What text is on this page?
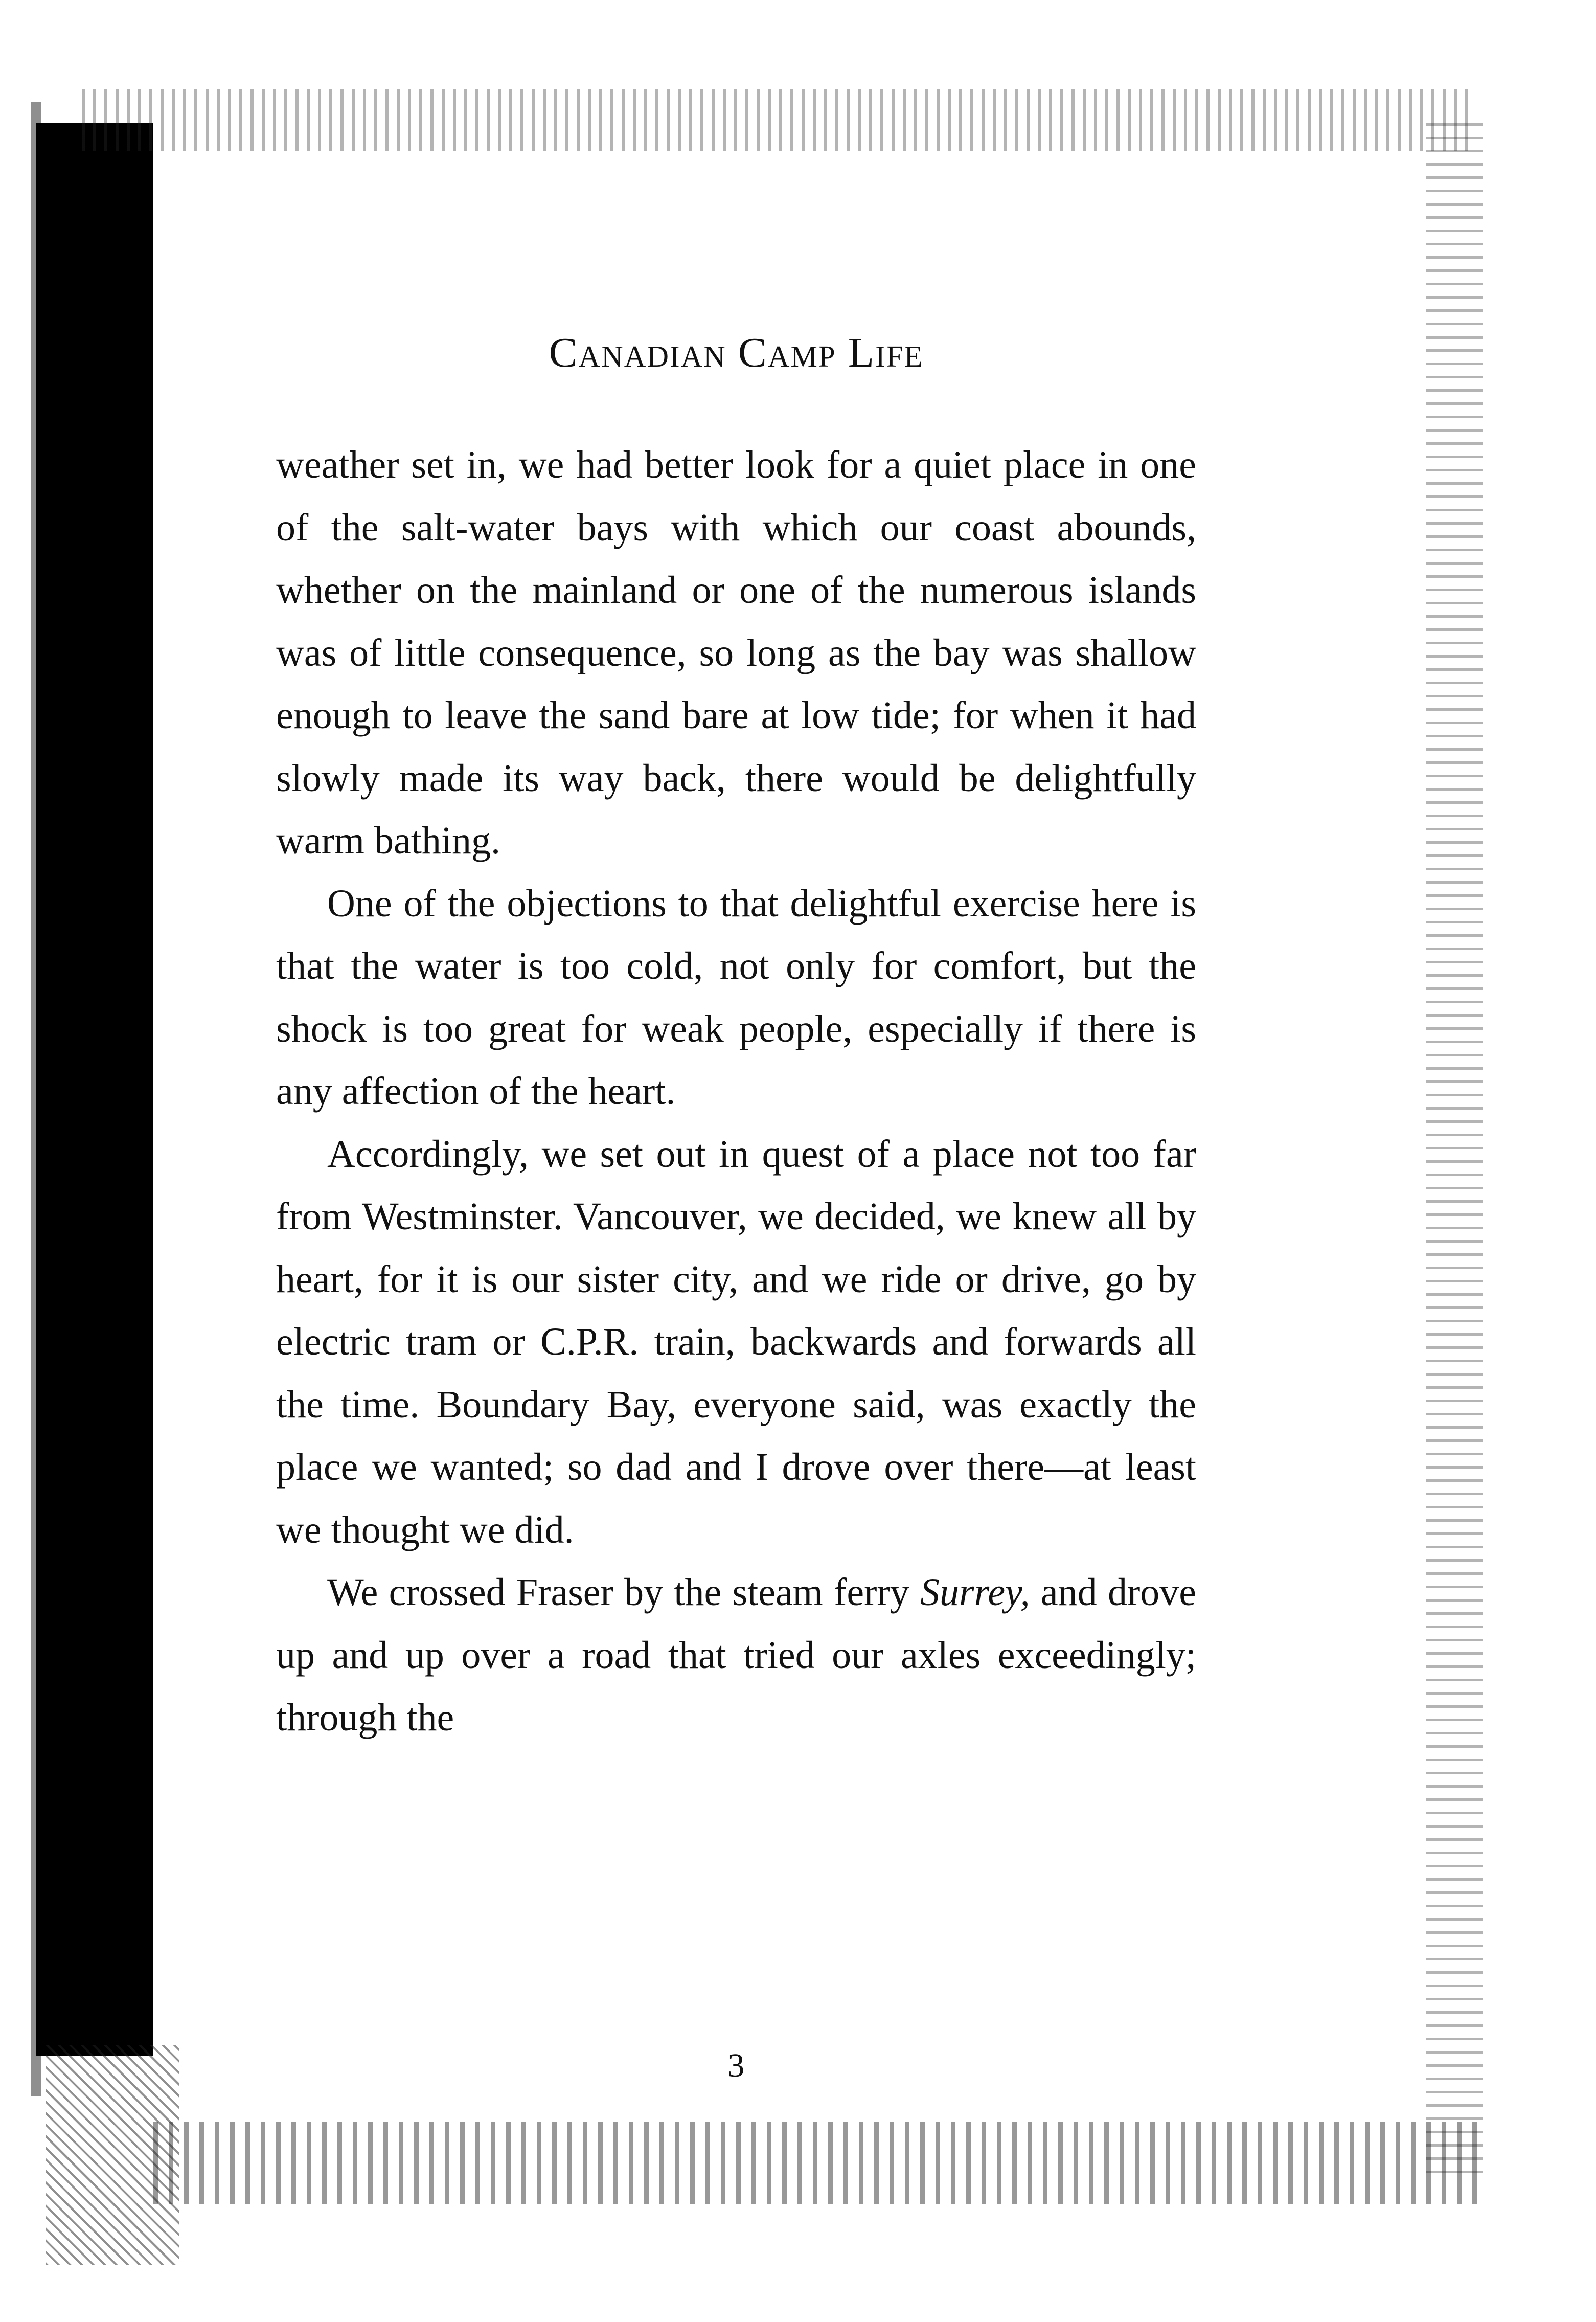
Canadian Camp Life

weather set in, we had better look for a quiet place in one of the salt-water bays with which our coast abounds, whether on the mainland or one of the numerous islands was of little consequence, so long as the bay was shallow enough to leave the sand bare at low tide; for when it had slowly made its way back, there would be delightfully warm bathing.

One of the objections to that delightful exercise here is that the water is too cold, not only for comfort, but the shock is too great for weak people, especially if there is any affection of the heart.

Accordingly, we set out in quest of a place not too far from Westminster. Vancouver, we decided, we knew all by heart, for it is our sister city, and we ride or drive, go by electric tram or C.P.R. train, backwards and forwards all the time. Boundary Bay, everyone said, was exactly the place we wanted; so dad and I drove over there—at least we thought we did.

We crossed Fraser by the steam ferry Surrey, and drove up and up over a road that tried our axles exceedingly; through the

3
